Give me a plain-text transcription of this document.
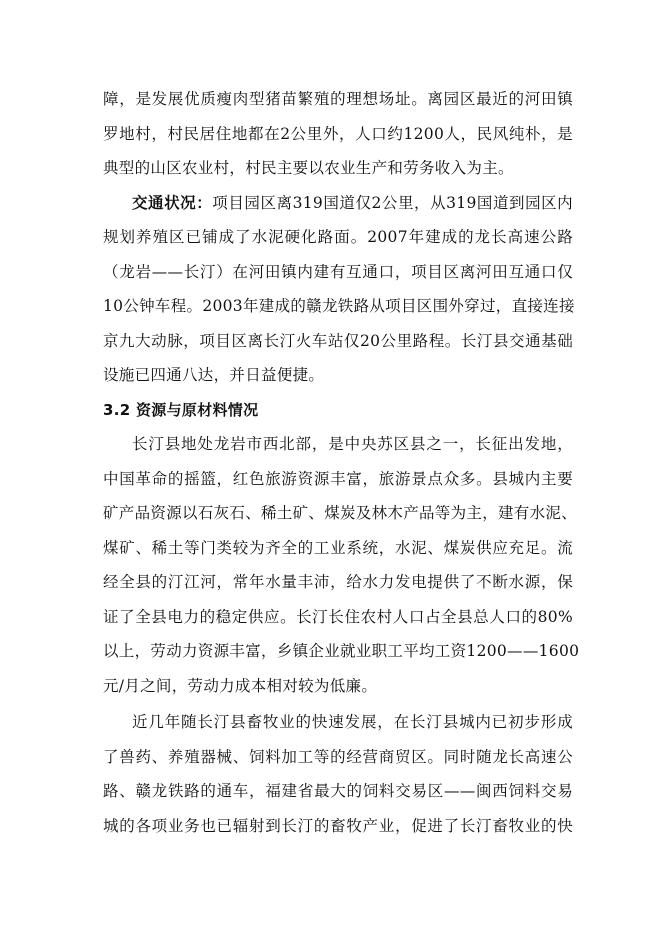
障，是发展优质瘦肉型猪苗繁殖的理想场址。离园区最近的河田镇
罗地村，村民居住地都在2公里外，人口约1200人，民风纯朴，是
典型的山区农业村，村民主要以农业生产和劳务收入为主。
交通状况：项目园区离319国道仅2公里，从319国道到园区内
规划养殖区已铺成了水泥硬化路面。2007年建成的龙长高速公路
（龙岩——长汀）在河田镇内建有互通口，项目区离河田互通口仅
10公钟车程。2003年建成的赣龙铁路从项目区围外穿过，直接连接
京九大动脉，项目区离长汀火车站仅20公里路程。长汀县交通基础
设施已四通八达，并日益便捷。
3.2 资源与原材料情况
长汀县地处龙岩市西北部，是中央苏区县之一，长征出发地，
中国革命的摇篮，红色旅游资源丰富，旅游景点众多。县城内主要
矿产品资源以石灰石、稀土矿、煤炭及林木产品等为主，建有水泥、
煤矿、稀土等门类较为齐全的工业系统，水泥、煤炭供应充足。流
经全县的汀江河，常年水量丰沛，给水力发电提供了不断水源，保
证了全县电力的稳定供应。长汀长住农村人口占全县总人口的80%
以上，劳动力资源丰富，乡镇企业就业职工平均工资1200——1600
元/月之间，劳动力成本相对较为低廉。
近几年随长汀县畜牧业的快速发展，在长汀县城内已初步形成
了兽药、养殖器械、饲料加工等的经营商贸区。同时随龙长高速公
路、赣龙铁路的通车，福建省最大的饲料交易区——闽西饲料交易
城的各项业务也已辐射到长汀的畜牧产业，促进了长汀畜牧业的快
